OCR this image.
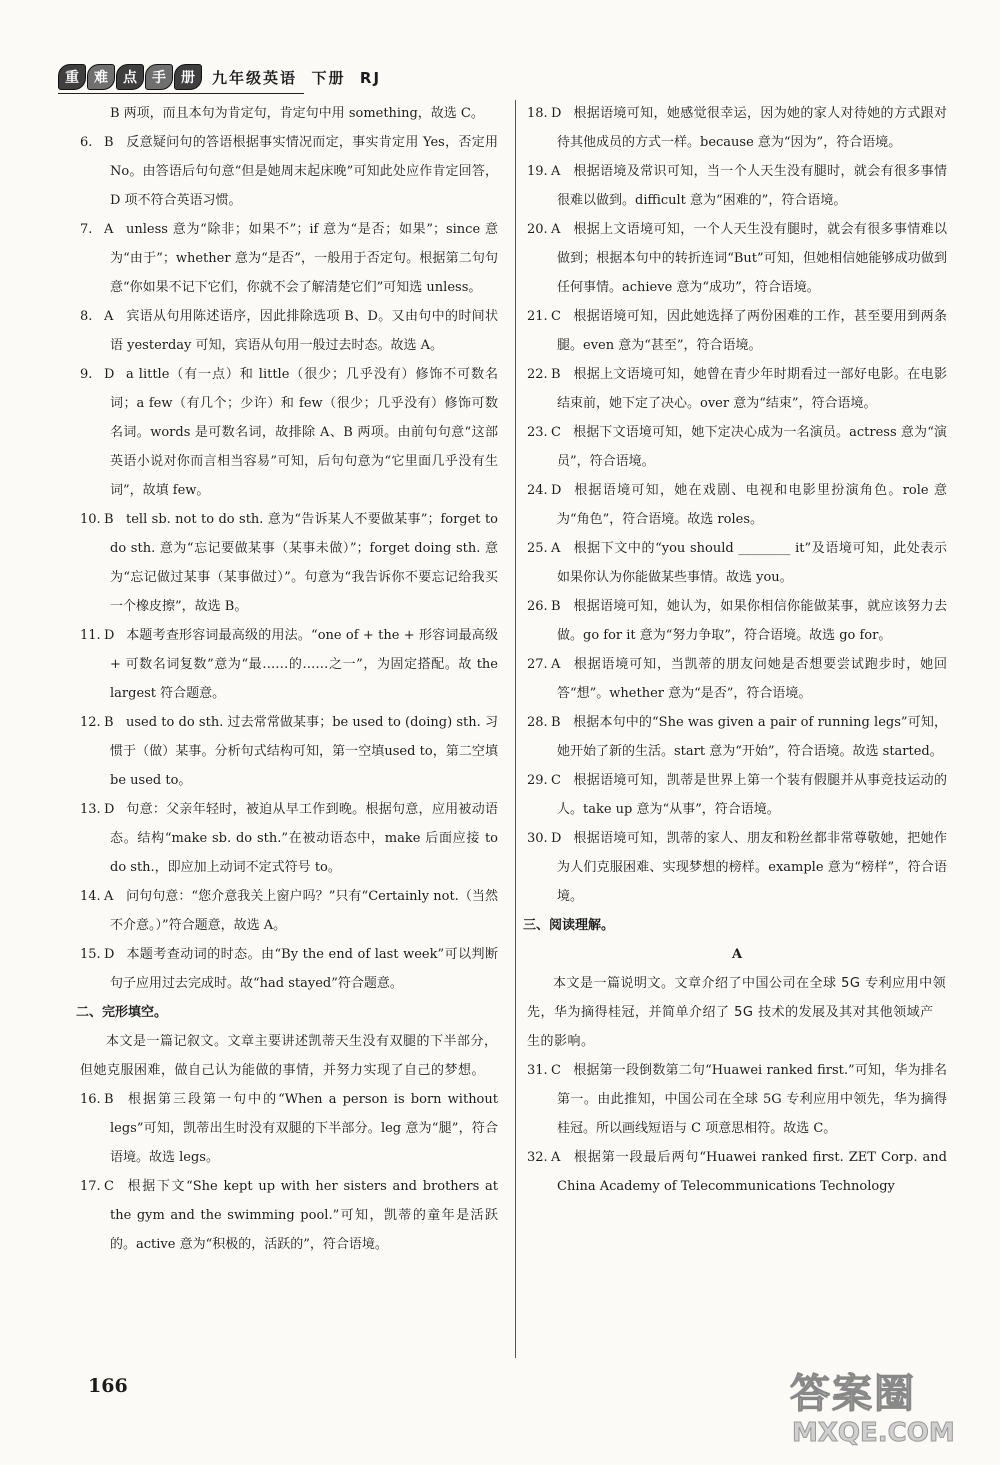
重	难	点	手	册	九年级英语  下册  RJ
B 两项，而且本句为肯定句，肯定句中用 something，故选 C。
6. B 反意疑问句的答语根据事实情况而定，事实肯定用 Yes，否定用 No。由答语后句句意“但是她周末起床晚”可知此处应作肯定回答，D 项不符合英语习惯。
7. A unless 意为“除非；如果不”；if 意为“是否；如果”；since 意为“由于”；whether 意为“是否”，一般用于否定句。根据第二句句意“你如果不记下它们，你就不会了解清楚它们”可知选 unless。
8. A 宾语从句用陈述语序，因此排除选项 B、D。又由句中的时间状语 yesterday 可知，宾语从句用一般过去时态。故选 A。
9. D a little（有一点）和 little（很少；几乎没有）修饰不可数名词；a few（有几个；少许）和 few（很少；几乎没有）修饰可数名词。words 是可数名词，故排除 A、B 两项。由前句句意“这部英语小说对你而言相当容易”可知，后句句意为“它里面几乎没有生词”，故填 few。
10. B tell sb. not to do sth. 意为“告诉某人不要做某事”；forget to do sth. 意为“忘记要做某事（某事未做）”；forget doing sth. 意为“忘记做过某事（某事做过）”。句意为“我告诉你不要忘记给我买一个橡皮擦”，故选 B。
11. D 本题考查形容词最高级的用法。“one of + the + 形容词最高级 + 可数名词复数”意为“最……的……之一”，为固定搭配。故 the largest 符合题意。
12. B used to do sth. 过去常常做某事；be used to (doing) sth. 习惯于（做）某事。分析句式结构可知，第一空填used to，第二空填 be used to。
13. D 句意：父亲年轻时，被迫从早工作到晚。根据句意，应用被动语态。结构“make sb. do sth.”在被动语态中，make 后面应接 to do sth.，即应加上动词不定式符号 to。
14. A 问句句意：“您介意我关上窗户吗？”只有“Certainly not.（当然不介意。）”符合题意，故选 A。
15. D 本题考查动词的时态。由“By the end of last week”可以判断句子应用过去完成时。故“had stayed”符合题意。
二、完形填空。
本文是一篇记叙文。文章主要讲述凯蒂天生没有双腿的下半部分，但她克服困难，做自己认为能做的事情，并努力实现了自己的梦想。
16. B 根据第三段第一句中的“When a person is born without legs”可知，凯蒂出生时没有双腿的下半部分。leg 意为“腿”，符合语境。故选 legs。
17. C 根据下文“She kept up with her sisters and brothers at the gym and the swimming pool.”可知，凯蒂的童年是活跃的。active 意为“积极的，活跃的”，符合语境。
18. D 根据语境可知，她感觉很幸运，因为她的家人对待她的方式跟对待其他成员的方式一样。because 意为“因为”，符合语境。
19. A 根据语境及常识可知，当一个人天生没有腿时，就会有很多事情很难以做到。difficult 意为“困难的”，符合语境。
20. A 根据上文语境可知，一个人天生没有腿时，就会有很多事情难以做到；根据本句中的转折连词“But”可知，但她相信她能够成功做到任何事情。achieve 意为“成功”，符合语境。
21. C 根据语境可知，因此她选择了两份困难的工作，甚至要用到两条腿。even 意为“甚至”，符合语境。
22. B 根据上文语境可知，她曾在青少年时期看过一部好电影。在电影结束前，她下定了决心。over 意为“结束”，符合语境。
23. C 根据下文语境可知，她下定决心成为一名演员。actress 意为“演员”，符合语境。
24. D 根据语境可知，她在戏剧、电视和电影里扮演角色。role 意为“角色”，符合语境。故选 roles。
25. A 根据下文中的“you should ________ it”及语境可知，此处表示如果你认为你能做某些事情。故选 you。
26. B 根据语境可知，她认为，如果你相信你能做某事，就应该努力去做。go for it 意为“努力争取”，符合语境。故选 go for。
27. A 根据语境可知，当凯蒂的朋友问她是否想要尝试跑步时，她回答“想”。whether 意为“是否”，符合语境。
28. B 根据本句中的“She was given a pair of running legs”可知，她开始了新的生活。start 意为“开始”，符合语境。故选 started。
29. C 根据语境可知，凯蒂是世界上第一个装有假腿并从事竞技运动的人。take up 意为“从事”，符合语境。
30. D 根据语境可知，凯蒂的家人、朋友和粉丝都非常尊敬她，把她作为人们克服困难、实现梦想的榜样。example 意为“榜样”，符合语境。
三、阅读理解。
A
本文是一篇说明文。文章介绍了中国公司在全球 5G 专利应用中领先，华为摘得桂冠，并简单介绍了 5G 技术的发展及其对其他领域产生的影响。
31. C 根据第一段倒数第二句“Huawei ranked first.”可知，华为排名第一。由此推知，中国公司在全球 5G 专利应用中领先，华为摘得桂冠。所以画线短语与 C 项意思相符。故选 C。
32. A 根据第一段最后两句“Huawei ranked first. ZET Corp. and China Academy of Telecommunications Technology
166	答案圈
MXQE.COM
